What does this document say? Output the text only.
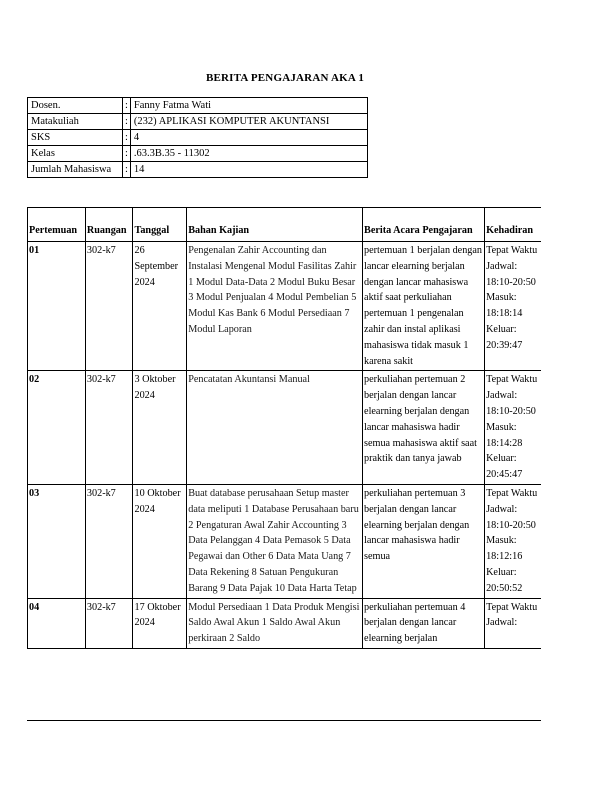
BERITA PENGAJARAN AKA 1
Dosen.	:	Fanny Fatma Wati
Matakuliah	:	(232) APLIKASI KOMPUTER AKUNTANSI
SKS	:	4
Kelas	:	.63.3B.35 - 11302
Jumlah Mahasiswa	:	14
Pertemuan	Ruangan	Tanggal	Bahan Kajian	Berita Acara Pengajaran	Kehadiran
01	302-k7	26 September 2024	Pengenalan Zahir Accounting dan Instalasi Mengenal Modul Fasilitas Zahir 1 Modul Data-Data 2 Modul Buku Besar 3 Modul Penjualan 4 Modul Pembelian 5 Modul Kas Bank 6 Modul Persediaan 7 Modul Laporan	pertemuan 1 berjalan dengan lancar elearning berjalan dengan lancar mahasiswa aktif saat perkuliahan pertemuan 1 pengenalan zahir dan instal aplikasi mahasiswa tidak masuk 1 karena sakit	Tepat Waktu Jadwal: 18:10-20:50 Masuk: 18:18:14 Keluar: 20:39:47
02	302-k7	3 Oktober 2024	Pencatatan Akuntansi Manual	perkuliahan pertemuan 2 berjalan dengan lancar elearning berjalan dengan lancar mahasiswa hadir semua mahasiswa aktif saat praktik dan tanya jawab	Tepat Waktu Jadwal: 18:10-20:50 Masuk: 18:14:28 Keluar: 20:45:47
03	302-k7	10 Oktober 2024	Buat database perusahaan Setup master data meliputi 1 Database Perusahaan baru 2 Pengaturan Awal Zahir Accounting 3 Data Pelanggan 4 Data Pemasok 5 Data Pegawai dan Other 6 Data Mata Uang 7 Data Rekening 8 Satuan Pengukuran Barang 9 Data Pajak 10 Data Harta Tetap	perkuliahan pertemuan 3 berjalan dengan lancar elearning berjalan dengan lancar mahasiswa hadir semua	Tepat Waktu Jadwal: 18:10-20:50 Masuk: 18:12:16 Keluar: 20:50:52
04	302-k7	17 Oktober 2024	Modul Persediaan 1 Data Produk Mengisi Saldo Awal Akun 1 Saldo Awal Akun perkiraan 2 Saldo	perkuliahan pertemuan 4 berjalan dengan lancar elearning berjalan	Tepat Waktu Jadwal:
